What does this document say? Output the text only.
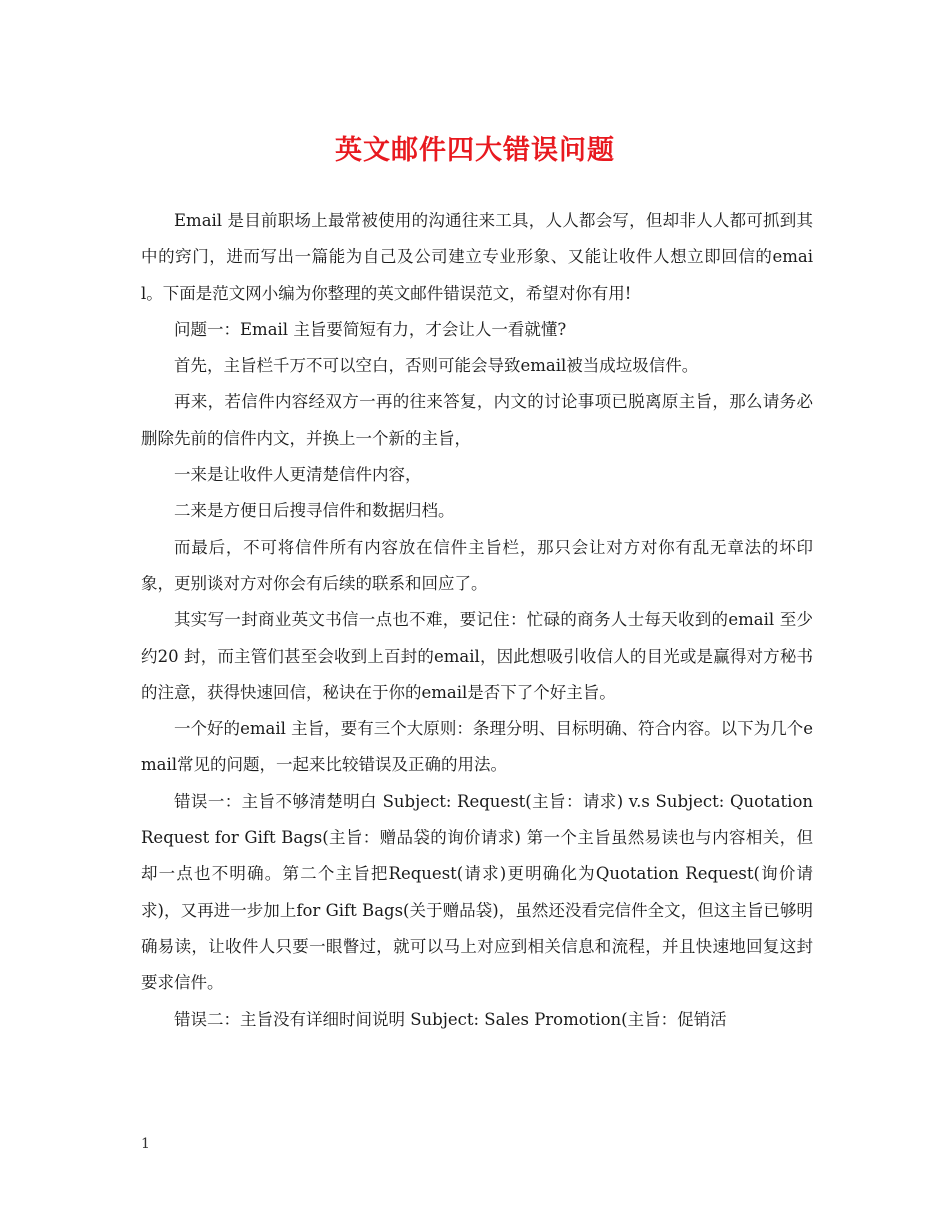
英文邮件四大错误问题

Email 是目前职场上最常被使用的沟通往来工具，人人都会写，但却非人人都可抓到其中的窍门，进而写出一篇能为自己及公司建立专业形象、又能让收件人想立即回信的email。下面是范文网小编为你整理的英文邮件错误范文，希望对你有用!

问题一：Email 主旨要简短有力，才会让人一看就懂?

首先，主旨栏千万不可以空白，否则可能会导致email被当成垃圾信件。

再来，若信件内容经双方一再的往来答复，内文的讨论事项已脱离原主旨，那么请务必删除先前的信件内文，并换上一个新的主旨，

一来是让收件人更清楚信件内容，

二来是方便日后搜寻信件和数据归档。

而最后，不可将信件所有内容放在信件主旨栏，那只会让对方对你有乱无章法的坏印象，更别谈对方对你会有后续的联系和回应了。

其实写一封商业英文书信一点也不难，要记住：忙碌的商务人士每天收到的email 至少约20 封，而主管们甚至会收到上百封的email，因此想吸引收信人的目光或是赢得对方秘书的注意，获得快速回信，秘诀在于你的email是否下了个好主旨。

一个好的email 主旨，要有三个大原则：条理分明、目标明确、符合内容。以下为几个email常见的问题，一起来比较错误及正确的用法。

错误一：主旨不够清楚明白 Subject: Request(主旨：请求) v.s Subject: Quotation Request for Gift Bags(主旨：赠品袋的询价请求) 第一个主旨虽然易读也与内容相关，但却一点也不明确。第二个主旨把Request(请求)更明确化为Quotation Request(询价请求)，又再进一步加上for Gift Bags(关于赠品袋)，虽然还没看完信件全文，但这主旨已够明确易读，让收件人只要一眼瞥过，就可以马上对应到相关信息和流程，并且快速地回复这封要求信件。

错误二：主旨没有详细时间说明 Subject: Sales Promotion(主旨：促销活

1
